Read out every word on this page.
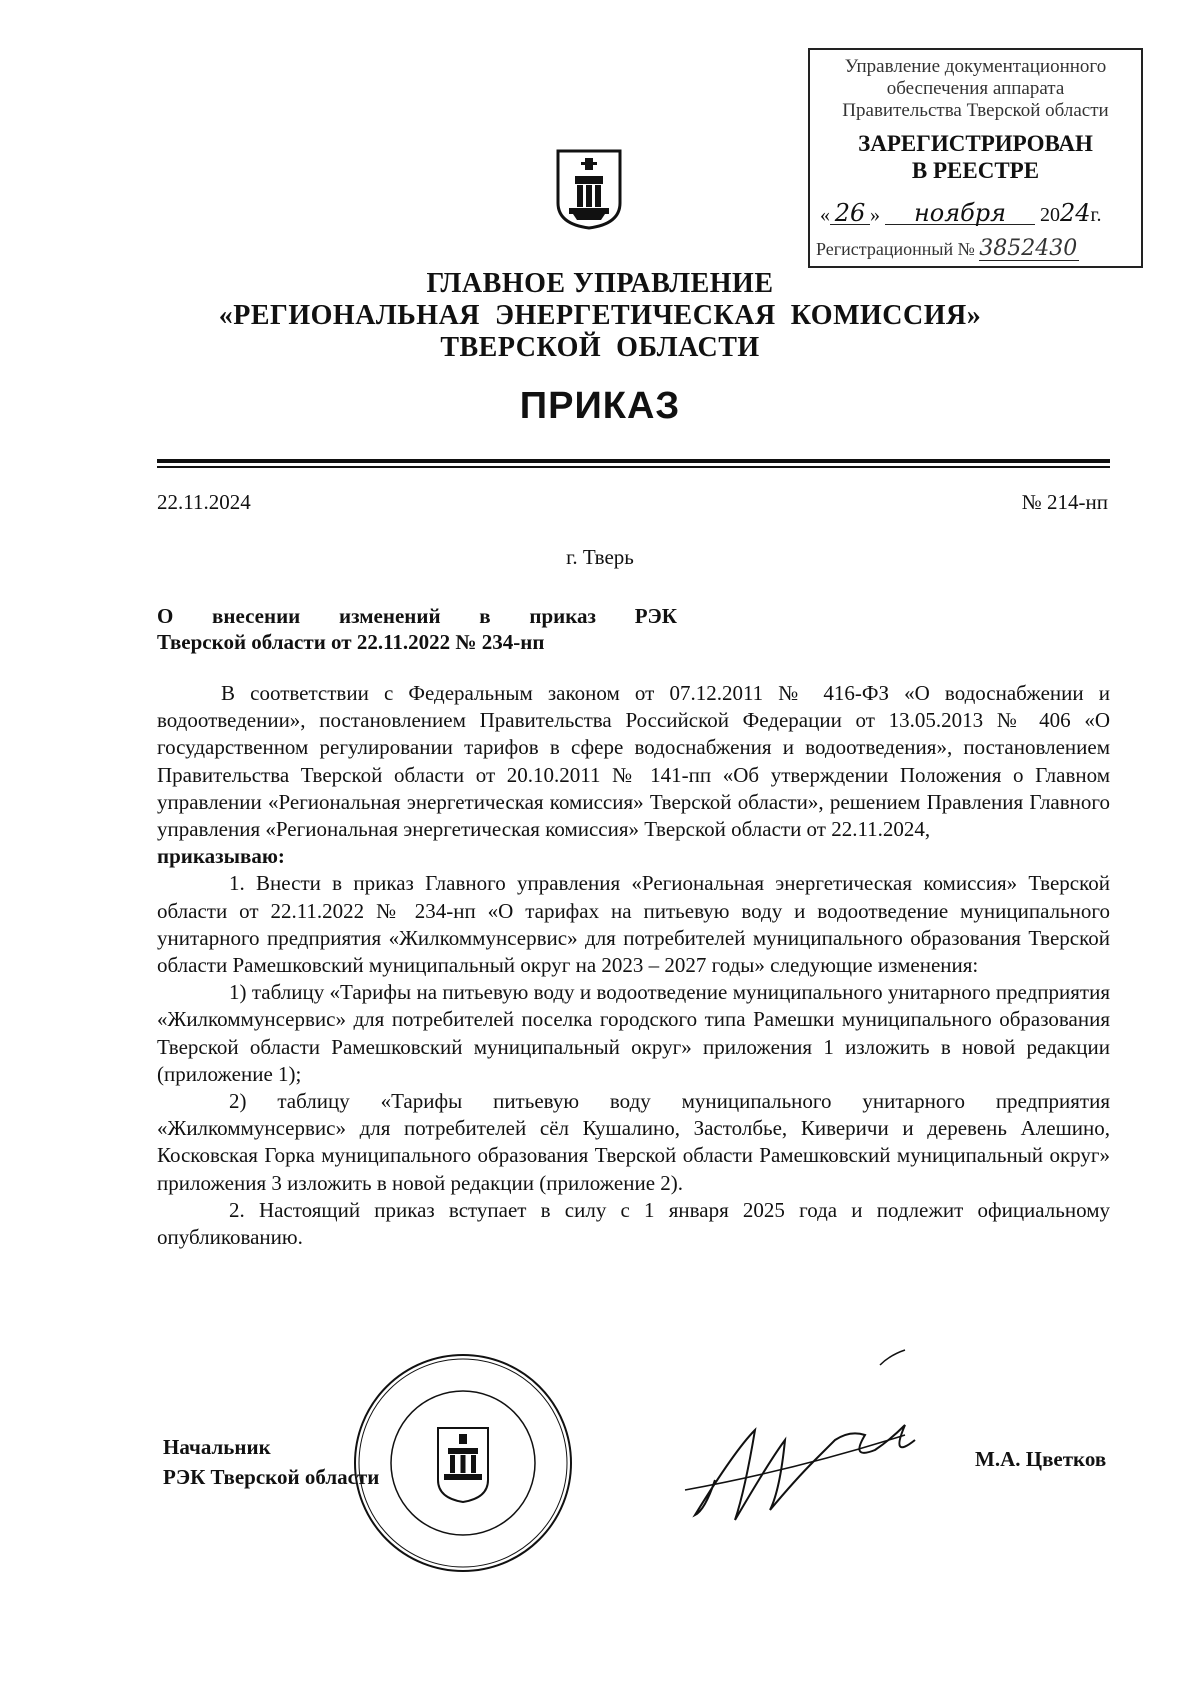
Управление документационного
обеспечения аппарата
Правительства Тверской области
ЗАРЕГИСТРИРОВАН
В РЕЕСТРЕ
« 26 » ноября 2024г.
Регистрационный № 3852430
ГЛАВНОЕ УПРАВЛЕНИЕ
«РЕГИОНАЛЬНАЯ  ЭНЕРГЕТИЧЕСКАЯ  КОМИССИЯ»
ТВЕРСКОЙ  ОБЛАСТИ
ПРИКАЗ
22.11.2024	№ 214-нп
г. Тверь
О внесении изменений в приказ РЭК
Тверской области от 22.11.2022 № 234-нп

В соответствии с Федеральным законом от 07.12.2011 № 416-ФЗ «О водоснабжении и водоотведении», постановлением Правительства Российской Федерации от 13.05.2013 № 406 «О государственном регулировании тарифов в сфере водоснабжения и водоотведения», постановлением Правительства Тверской области от 20.10.2011 № 141-пп «Об утверждении Положения о Главном управлении «Региональная энергетическая комиссия» Тверской области», решением Правления Главного управления «Региональная энергетическая комиссия» Тверской области от 22.11.2024,

приказываю:

1. Внести в приказ Главного управления «Региональная энергетическая комиссия» Тверской области от 22.11.2022 № 234-нп «О тарифах на питьевую воду и водоотведение муниципального унитарного предприятия «Жилкоммунсервис» для потребителей муниципального образования Тверской области Рамешковский муниципальный округ на 2023 – 2027 годы» следующие изменения:

1) таблицу «Тарифы на питьевую воду и водоотведение муниципального унитарного предприятия «Жилкоммунсервис» для потребителей поселка городского типа Рамешки муниципального образования Тверской области Рамешковский муниципальный округ» приложения 1 изложить в новой редакции (приложение 1);

2) таблицу «Тарифы питьевую воду муниципального унитарного предприятия «Жилкоммунсервис» для потребителей сёл Кушалино, Застолбье, Киверичи и деревень Алешино, Косковская Горка муниципального образования Тверской области Рамешковский муниципальный округ» приложения 3 изложить в новой редакции (приложение 2).

2. Настоящий приказ вступает в силу с 1 января 2025 года и подлежит официальному опубликованию.

Начальник
РЭК Тверской области
М.А. Цветков
